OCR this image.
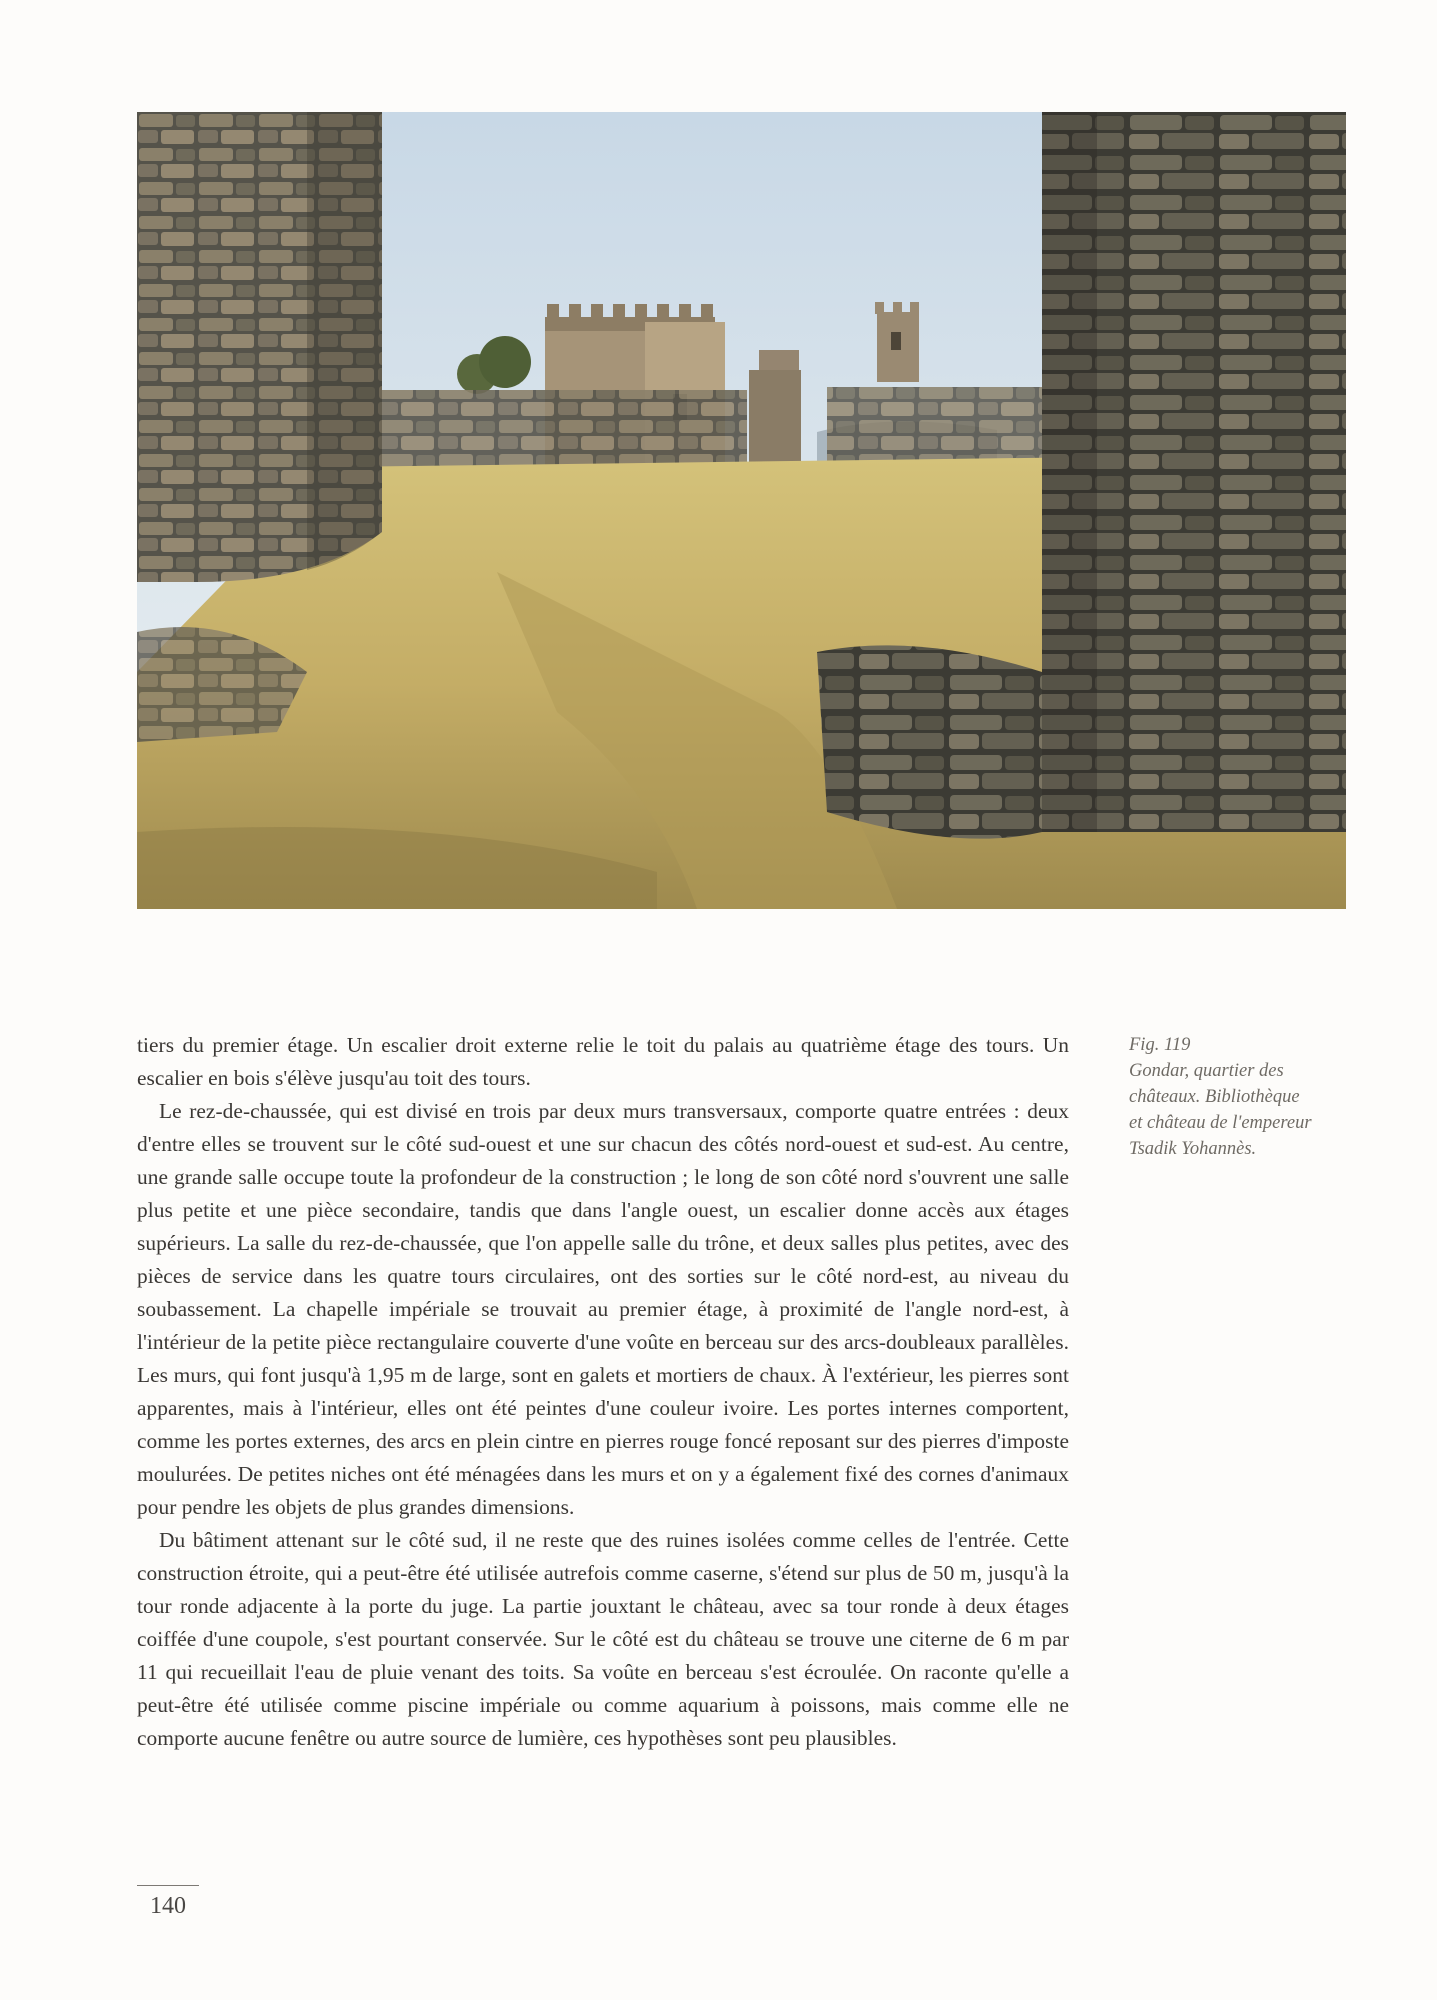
tiers du premier étage. Un escalier droit externe relie le toit du palais au quatrième étage des tours. Un escalier en bois s'élève jusqu'au toit des tours.

Le rez-de-chaussée, qui est divisé en trois par deux murs transversaux, comporte quatre entrées : deux d'entre elles se trouvent sur le côté sud-ouest et une sur chacun des côtés nord-ouest et sud-est. Au centre, une grande salle occupe toute la profondeur de la construction ; le long de son côté nord s'ouvrent une salle plus petite et une pièce secondaire, tandis que dans l'angle ouest, un escalier donne accès aux étages supérieurs. La salle du rez-de-chaussée, que l'on appelle salle du trône, et deux salles plus petites, avec des pièces de service dans les quatre tours circulaires, ont des sorties sur le côté nord-est, au niveau du soubassement. La chapelle impériale se trouvait au premier étage, à proximité de l'angle nord-est, à l'intérieur de la petite pièce rectangulaire couverte d'une voûte en berceau sur des arcs-doubleaux parallèles. Les murs, qui font jusqu'à 1,95 m de large, sont en galets et mortiers de chaux. À l'extérieur, les pierres sont apparentes, mais à l'intérieur, elles ont été peintes d'une couleur ivoire. Les portes internes comportent, comme les portes externes, des arcs en plein cintre en pierres rouge foncé reposant sur des pierres d'imposte moulurées. De petites niches ont été ménagées dans les murs et on y a également fixé des cornes d'animaux pour pendre les objets de plus grandes dimensions.

Du bâtiment attenant sur le côté sud, il ne reste que des ruines isolées comme celles de l'entrée. Cette construction étroite, qui a peut-être été utilisée autrefois comme caserne, s'étend sur plus de 50 m, jusqu'à la tour ronde adjacente à la porte du juge. La partie jouxtant le château, avec sa tour ronde à deux étages coiffée d'une coupole, s'est pourtant conservée. Sur le côté est du château se trouve une citerne de 6 m par 11 qui recueillait l'eau de pluie venant des toits. Sa voûte en berceau s'est écroulée. On raconte qu'elle a peut-être été utilisée comme piscine impériale ou comme aquarium à poissons, mais comme elle ne comporte aucune fenêtre ou autre source de lumière, ces hypothèses sont peu plausibles.

Fig. 119
Gondar, quartier des
châteaux. Bibliothèque
et château de l'empereur
Tsadik Yohannès.
140
